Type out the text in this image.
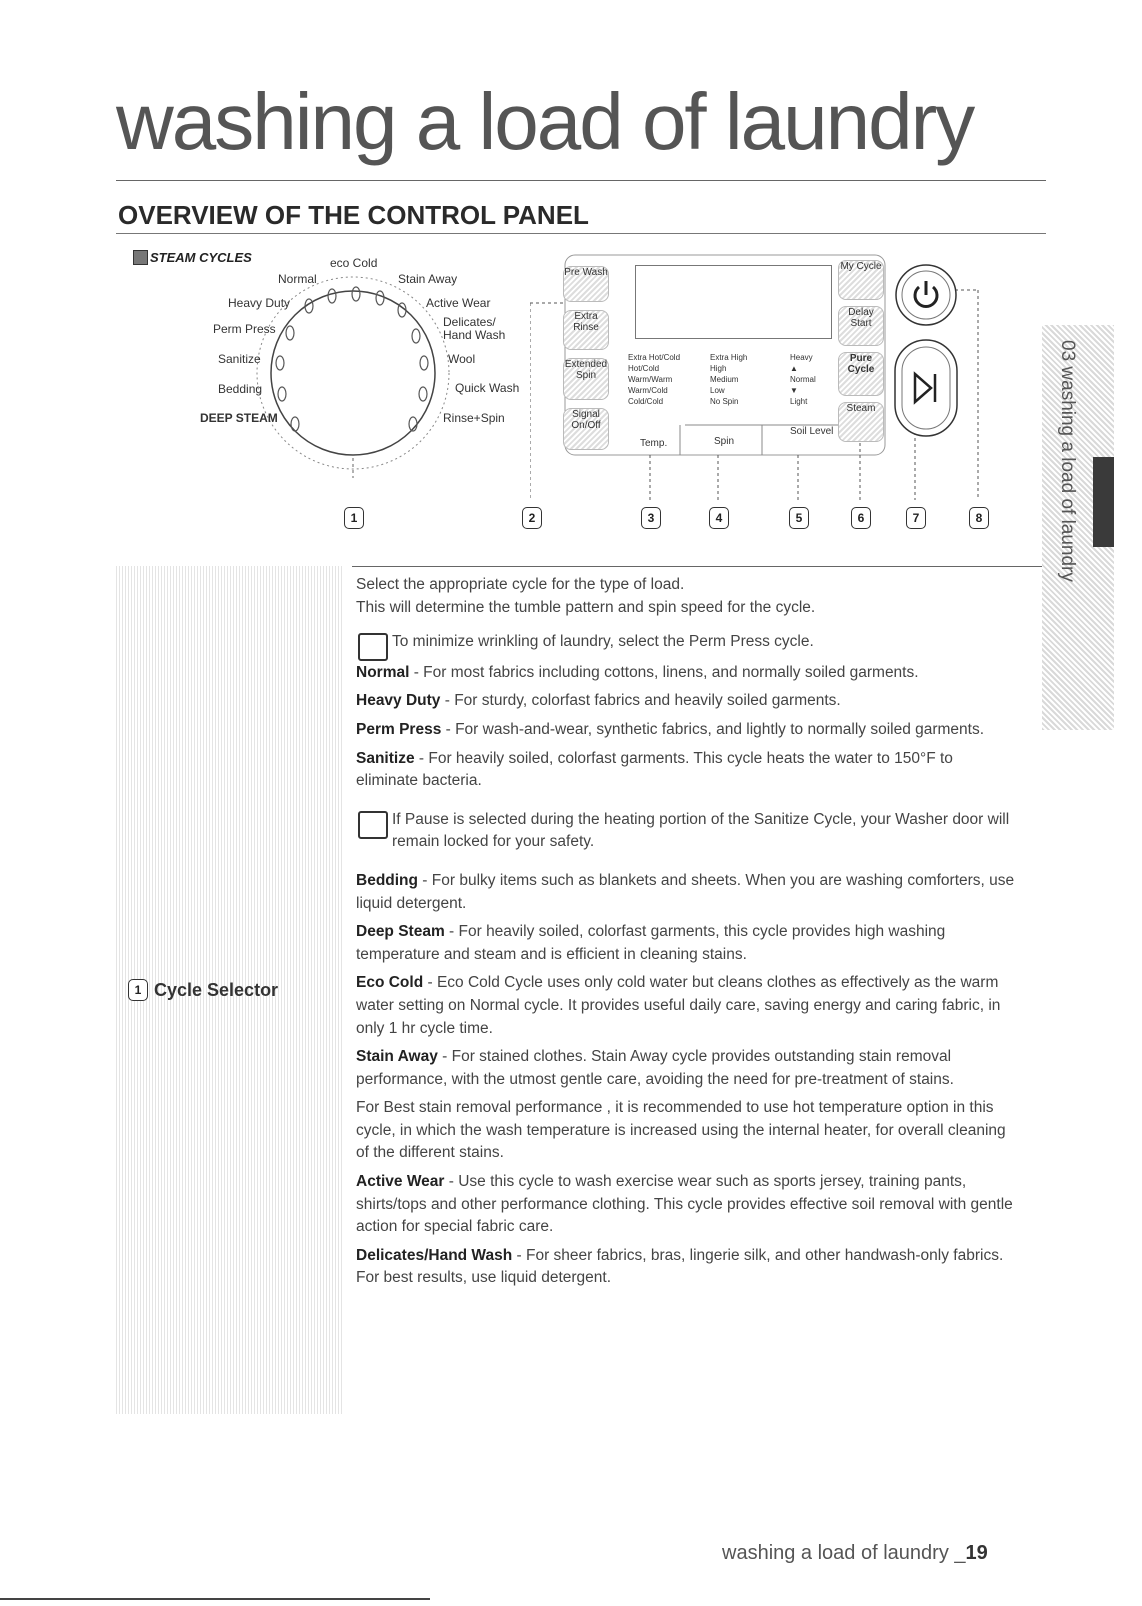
washing a load of laundry
OVERVIEW OF THE CONTROL PANEL
STEAM CYCLES	eco Cold
Normal	Stain Away
Heavy Duty	Active Wear
Perm Press	Delicates/
Hand Wash
Sanitize	Wool
Bedding	Quick Wash
DEEP STEAM	Rinse+Spin
Pre Wash
Extra Rinse
Extended Spin
Signal On/Off
My Cycle
Delay Start
Pure Cycle
Steam
Extra Hot/Cold
Hot/Cold
Warm/Warm
Warm/Cold
Cold/Cold
Extra High
High
Medium
Low
No Spin
Heavy
▲
Normal
▼
Light
Temp.	Spin
Soil Level
1	2	3	4	5	6	7	8
1 Cycle Selector

Select the appropriate cycle for the type of load.
This will determine the tumble pattern and spin speed for the cycle.

To minimize wrinkling of laundry, select the Perm Press cycle.

Normal - For most fabrics including cottons, linens, and normally soiled garments.

Heavy Duty - For sturdy, colorfast fabrics and heavily soiled garments.

Perm Press - For wash-and-wear, synthetic fabrics, and lightly to normally soiled garments.

Sanitize - For heavily soiled, colorfast garments. This cycle heats the water to 150°F to eliminate bacteria.

If Pause is selected during the heating portion of the Sanitize Cycle, your Washer door will remain locked for your safety.

Bedding - For bulky items such as blankets and sheets. When you are washing comforters, use liquid detergent.

Deep Steam - For heavily soiled, colorfast garments, this cycle provides high washing temperature and steam and is efficient in cleaning stains.

Eco Cold - Eco Cold Cycle uses only cold water but cleans clothes as effectively as the warm water setting on Normal cycle. It provides useful daily care, saving energy and caring fabric, in only 1 hr cycle time.

Stain Away - For stained clothes. Stain Away cycle provides outstanding stain removal performance, with the utmost gentle care, avoiding the need for pre-treatment of stains.

For Best stain removal performance , it is recommended to use hot temperature option in this cycle, in which the wash temperature is increased using the internal heater, for overall cleaning of the different stains.

Active Wear - Use this cycle to wash exercise wear such as sports jersey, training pants, shirts/tops and other performance clothing. This cycle provides effective soil removal with gentle action for special fabric care.

Delicates/Hand Wash - For sheer fabrics, bras, lingerie silk, and other handwash-only fabrics. For best results, use liquid detergent.

washing a load of laundry _19
03 washing a load of laundry
